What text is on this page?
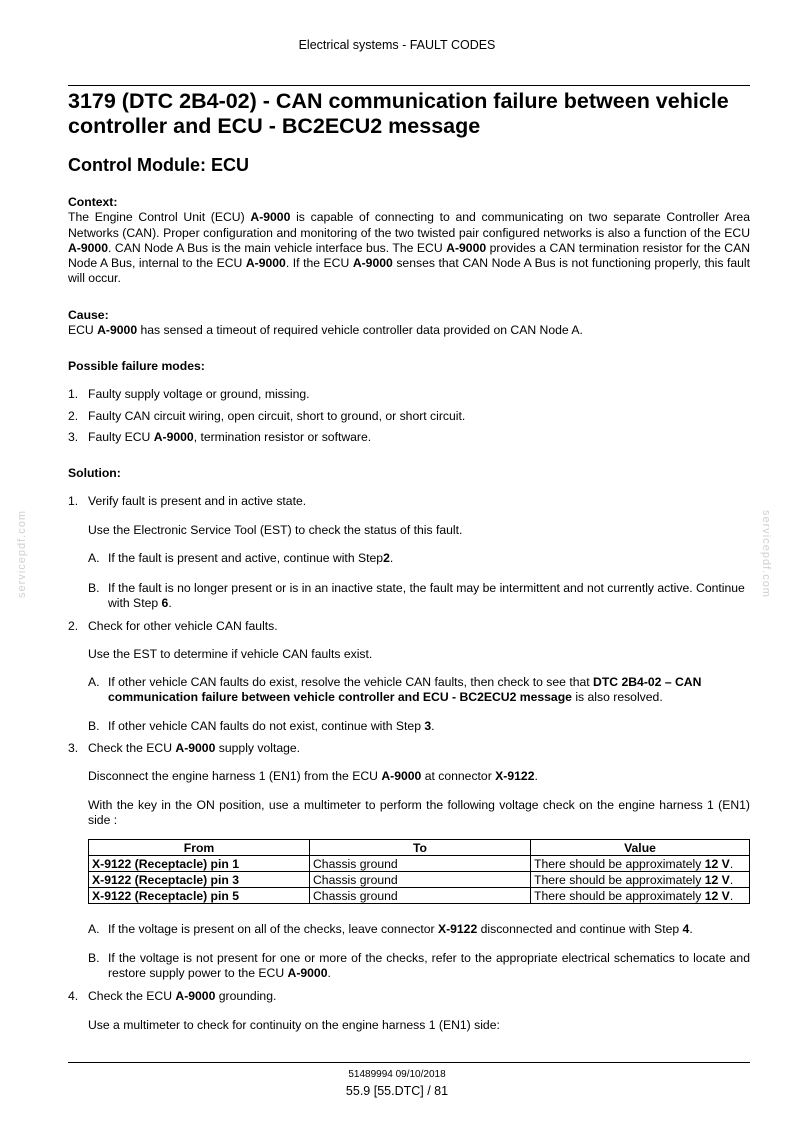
Electrical systems - FAULT CODES
3179 (DTC 2B4-02) - CAN communication failure between vehicle
controller and ECU - BC2ECU2 message
Control Module: ECU
Context:
The Engine Control Unit (ECU) A-9000 is capable of connecting to and communicating on two separate Controller Area Networks (CAN). Proper configuration and monitoring of the two twisted pair configured networks is also a function of the ECU A-9000. CAN Node A Bus is the main vehicle interface bus. The ECU A-9000 provides a CAN termination resistor for the CAN Node A Bus, internal to the ECU A-9000. If the ECU A-9000 senses that CAN Node A Bus is not functioning properly, this fault will occur.
Cause:
ECU A-9000 has sensed a timeout of required vehicle controller data provided on CAN Node A.
Possible failure modes:
1. Faulty supply voltage or ground, missing.
2. Faulty CAN circuit wiring, open circuit, short to ground, or short circuit.
3. Faulty ECU A-9000, termination resistor or software.
Solution:
1. Verify fault is present and in active state.
Use the Electronic Service Tool (EST) to check the status of this fault.
A. If the fault is present and active, continue with Step2.
B. If the fault is no longer present or is in an inactive state, the fault may be intermittent and not currently active. Continue with Step 6.
2. Check for other vehicle CAN faults.
Use the EST to determine if vehicle CAN faults exist.
A. If other vehicle CAN faults do exist, resolve the vehicle CAN faults, then check to see that DTC 2B4-02 – CAN communication failure between vehicle controller and ECU - BC2ECU2 message is also resolved.
B. If other vehicle CAN faults do not exist, continue with Step 3.
3. Check the ECU A-9000 supply voltage.
Disconnect the engine harness 1 (EN1) from the ECU A-9000 at connector X-9122.
With the key in the ON position, use a multimeter to perform the following voltage check on the engine harness 1 (EN1) side :
From	To	Value
X-9122 (Receptacle) pin 1	Chassis ground	There should be approximately 12 V.
X-9122 (Receptacle) pin 3	Chassis ground	There should be approximately 12 V.
X-9122 (Receptacle) pin 5	Chassis ground	There should be approximately 12 V.
A. If the voltage is present on all of the checks, leave connector X-9122 disconnected and continue with Step 4.
B. If the voltage is not present for one or more of the checks, refer to the appropriate electrical schematics to locate and restore supply power to the ECU A-9000.
4. Check the ECU A-9000 grounding.
Use a multimeter to check for continuity on the engine harness 1 (EN1) side:
servicepdf.com	servicepdf.com
51489994 09/10/2018
55.9 [55.DTC] / 81
